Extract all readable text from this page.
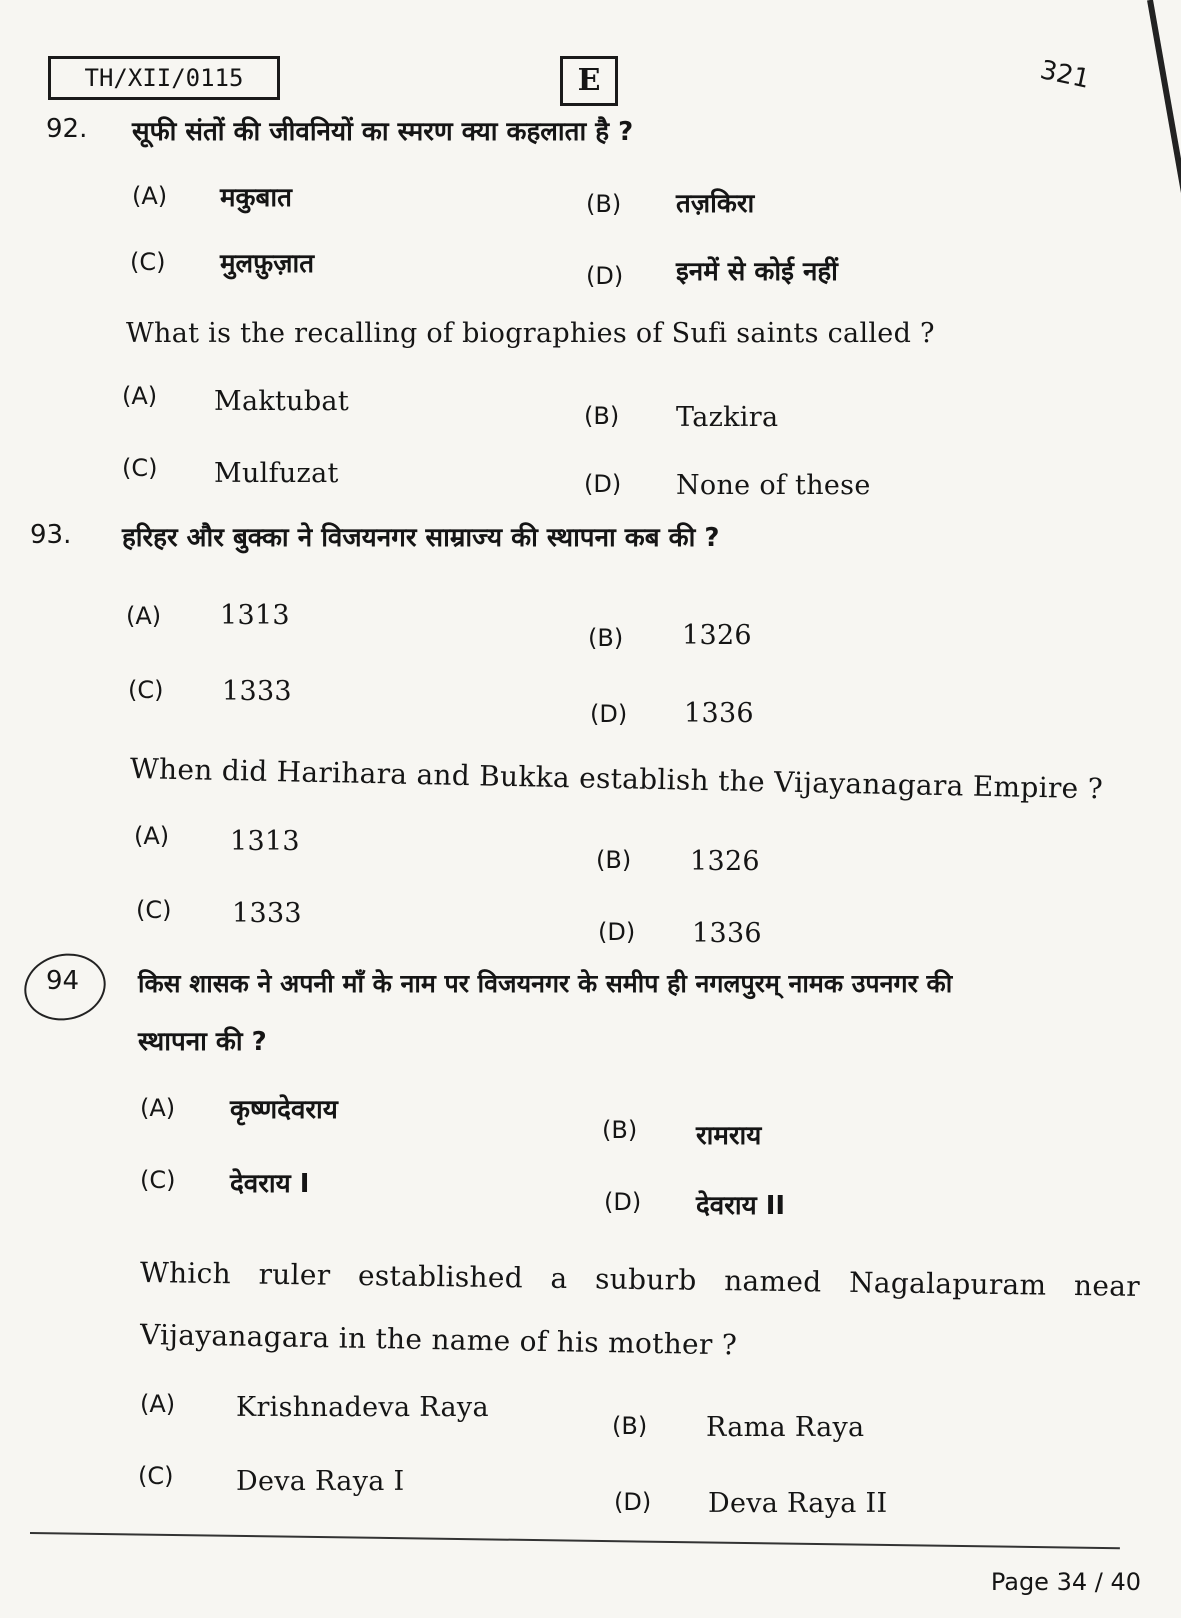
TH/XII/0115	E	321
92. सूफी संतों की जीवनियों का स्मरण क्या कहलाता है ?
(A) मकुबात	(B) तज़किरा
(C) मुलफ़ुज़ात	(D) इनमें से कोई नहीं
What is the recalling of biographies of Sufi saints called ?
(A) Maktubat	(B) Tazkira
(C) Mulfuzat	(D) None of these
93. हरिहर और बुक्का ने विजयनगर साम्राज्य की स्थापना कब की ?
(A) 1313
(B) 1326
(C) 1333
(D) 1336
When did Harihara and Bukka establish the Vijayanagara Empire ?
(A) 1313
(B) 1326
(C) 1333
(D) 1336
94 किस शासक ने अपनी माँ के नाम पर विजयनगर के समीप ही नगलपुरम् नामक उपनगर की
स्थापना की ?
(A) कृष्णदेवराय
(B) रामराय
(C) देवराय I
(D) देवराय II
Which ruler established a suburb named Nagalapuram near
Vijayanagara in the name of his mother ?
(A) Krishnadeva Raya
(B) Rama Raya
(C) Deva Raya I
(D) Deva Raya II
Page 34 / 40
